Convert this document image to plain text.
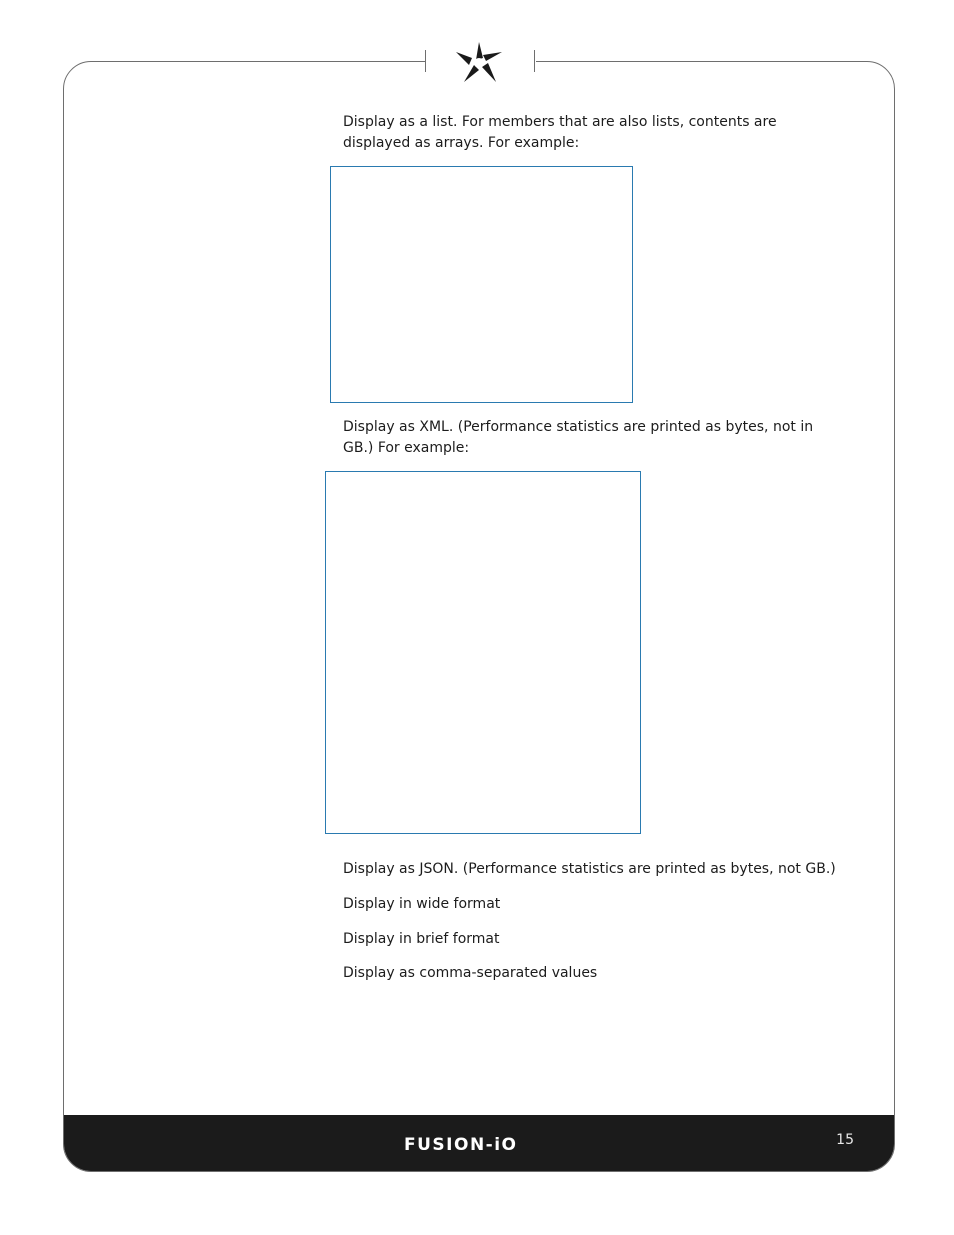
FUSION-iO	15

Display as a list. For members that are also lists, contents are displayed as arrays. For example:

Display as XML. (Performance statistics are printed as bytes, not in GB.) For example:

Display as JSON. (Performance statistics are printed as bytes, not GB.)

Display in wide format

Display in brief format

Display as comma-separated values
